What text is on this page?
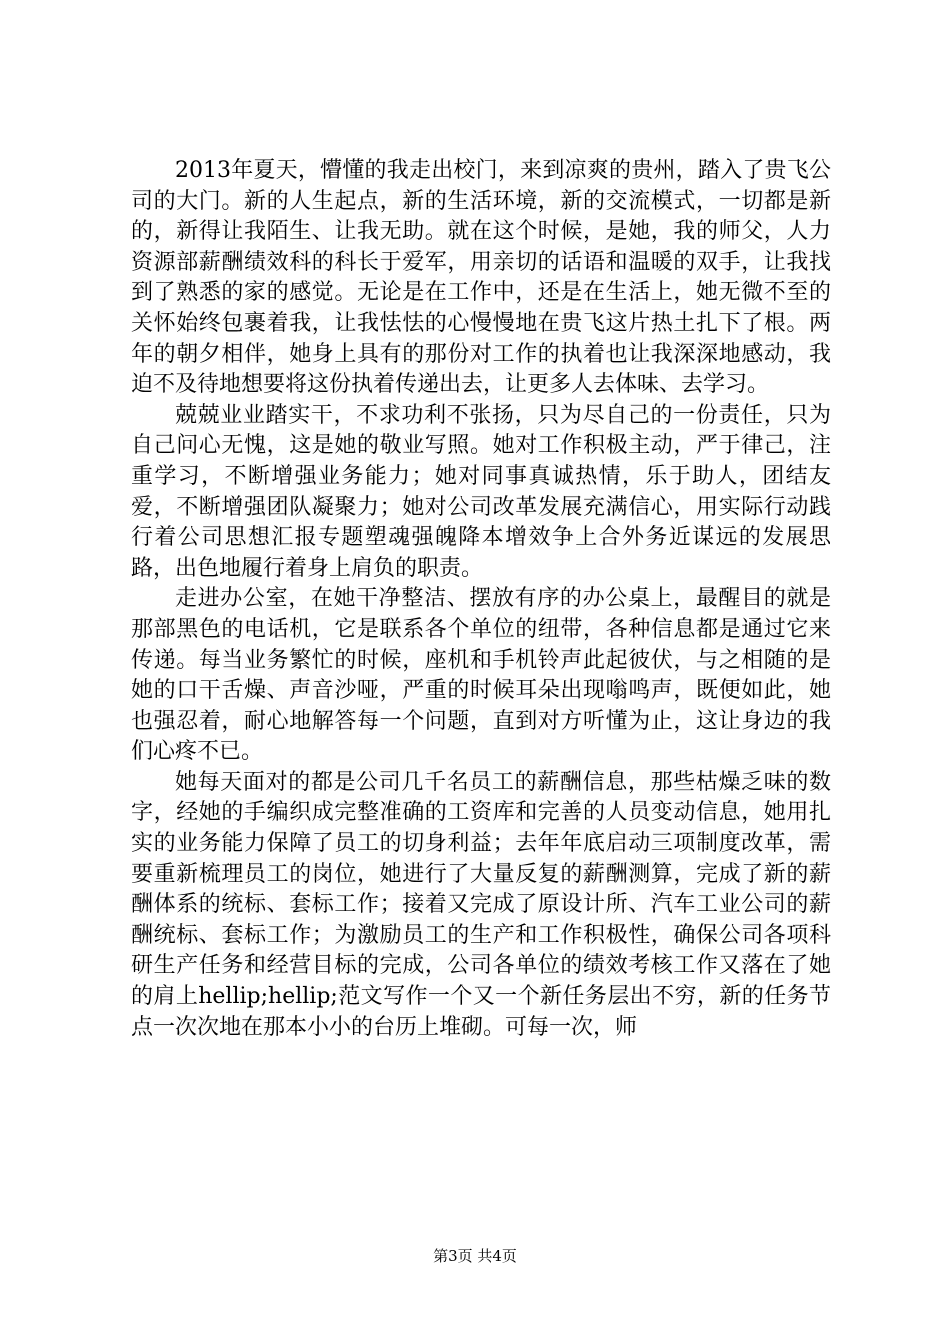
2013年夏天，懵懂的我走出校门，来到凉爽的贵州，踏入了贵飞公司的大门。新的人生起点，新的生活环境，新的交流模式，一切都是新的，新得让我陌生、让我无助。就在这个时候，是她，我的师父，人力资源部薪酬绩效科的科长于爱军，用亲切的话语和温暖的双手，让我找到了熟悉的家的感觉。无论是在工作中，还是在生活上，她无微不至的关怀始终包裹着我，让我怯怯的心慢慢地在贵飞这片热土扎下了根。两年的朝夕相伴，她身上具有的那份对工作的执着也让我深深地感动，我迫不及待地想要将这份执着传递出去，让更多人去体味、去学习。

兢兢业业踏实干，不求功利不张扬，只为尽自己的一份责任，只为自己问心无愧，这是她的敬业写照。她对工作积极主动，严于律己，注重学习，不断增强业务能力；她对同事真诚热情，乐于助人，团结友爱，不断增强团队凝聚力；她对公司改革发展充满信心，用实际行动践行着公司思想汇报专题塑魂强魄降本增效争上合外务近谋远的发展思路，出色地履行着身上肩负的职责。

走进办公室，在她干净整洁、摆放有序的办公桌上，最醒目的就是那部黑色的电话机，它是联系各个单位的纽带，各种信息都是通过它来传递。每当业务繁忙的时候，座机和手机铃声此起彼伏，与之相随的是她的口干舌燥、声音沙哑，严重的时候耳朵出现嗡鸣声，既便如此，她也强忍着，耐心地解答每一个问题，直到对方听懂为止，这让身边的我们心疼不已。

她每天面对的都是公司几千名员工的薪酬信息，那些枯燥乏味的数字，经她的手编织成完整准确的工资库和完善的人员变动信息，她用扎实的业务能力保障了员工的切身利益；去年年底启动三项制度改革，需要重新梳理员工的岗位，她进行了大量反复的薪酬测算，完成了新的薪酬体系的统标、套标工作；接着又完成了原设计所、汽车工业公司的薪酬统标、套标工作；为激励员工的生产和工作积极性，确保公司各项科研生产任务和经营目标的完成，公司各单位的绩效考核工作又落在了她的肩上hellip;hellip;范文写作一个又一个新任务层出不穷，新的任务节点一次次地在那本小小的台历上堆砌。可每一次，师

第3页 共4页
